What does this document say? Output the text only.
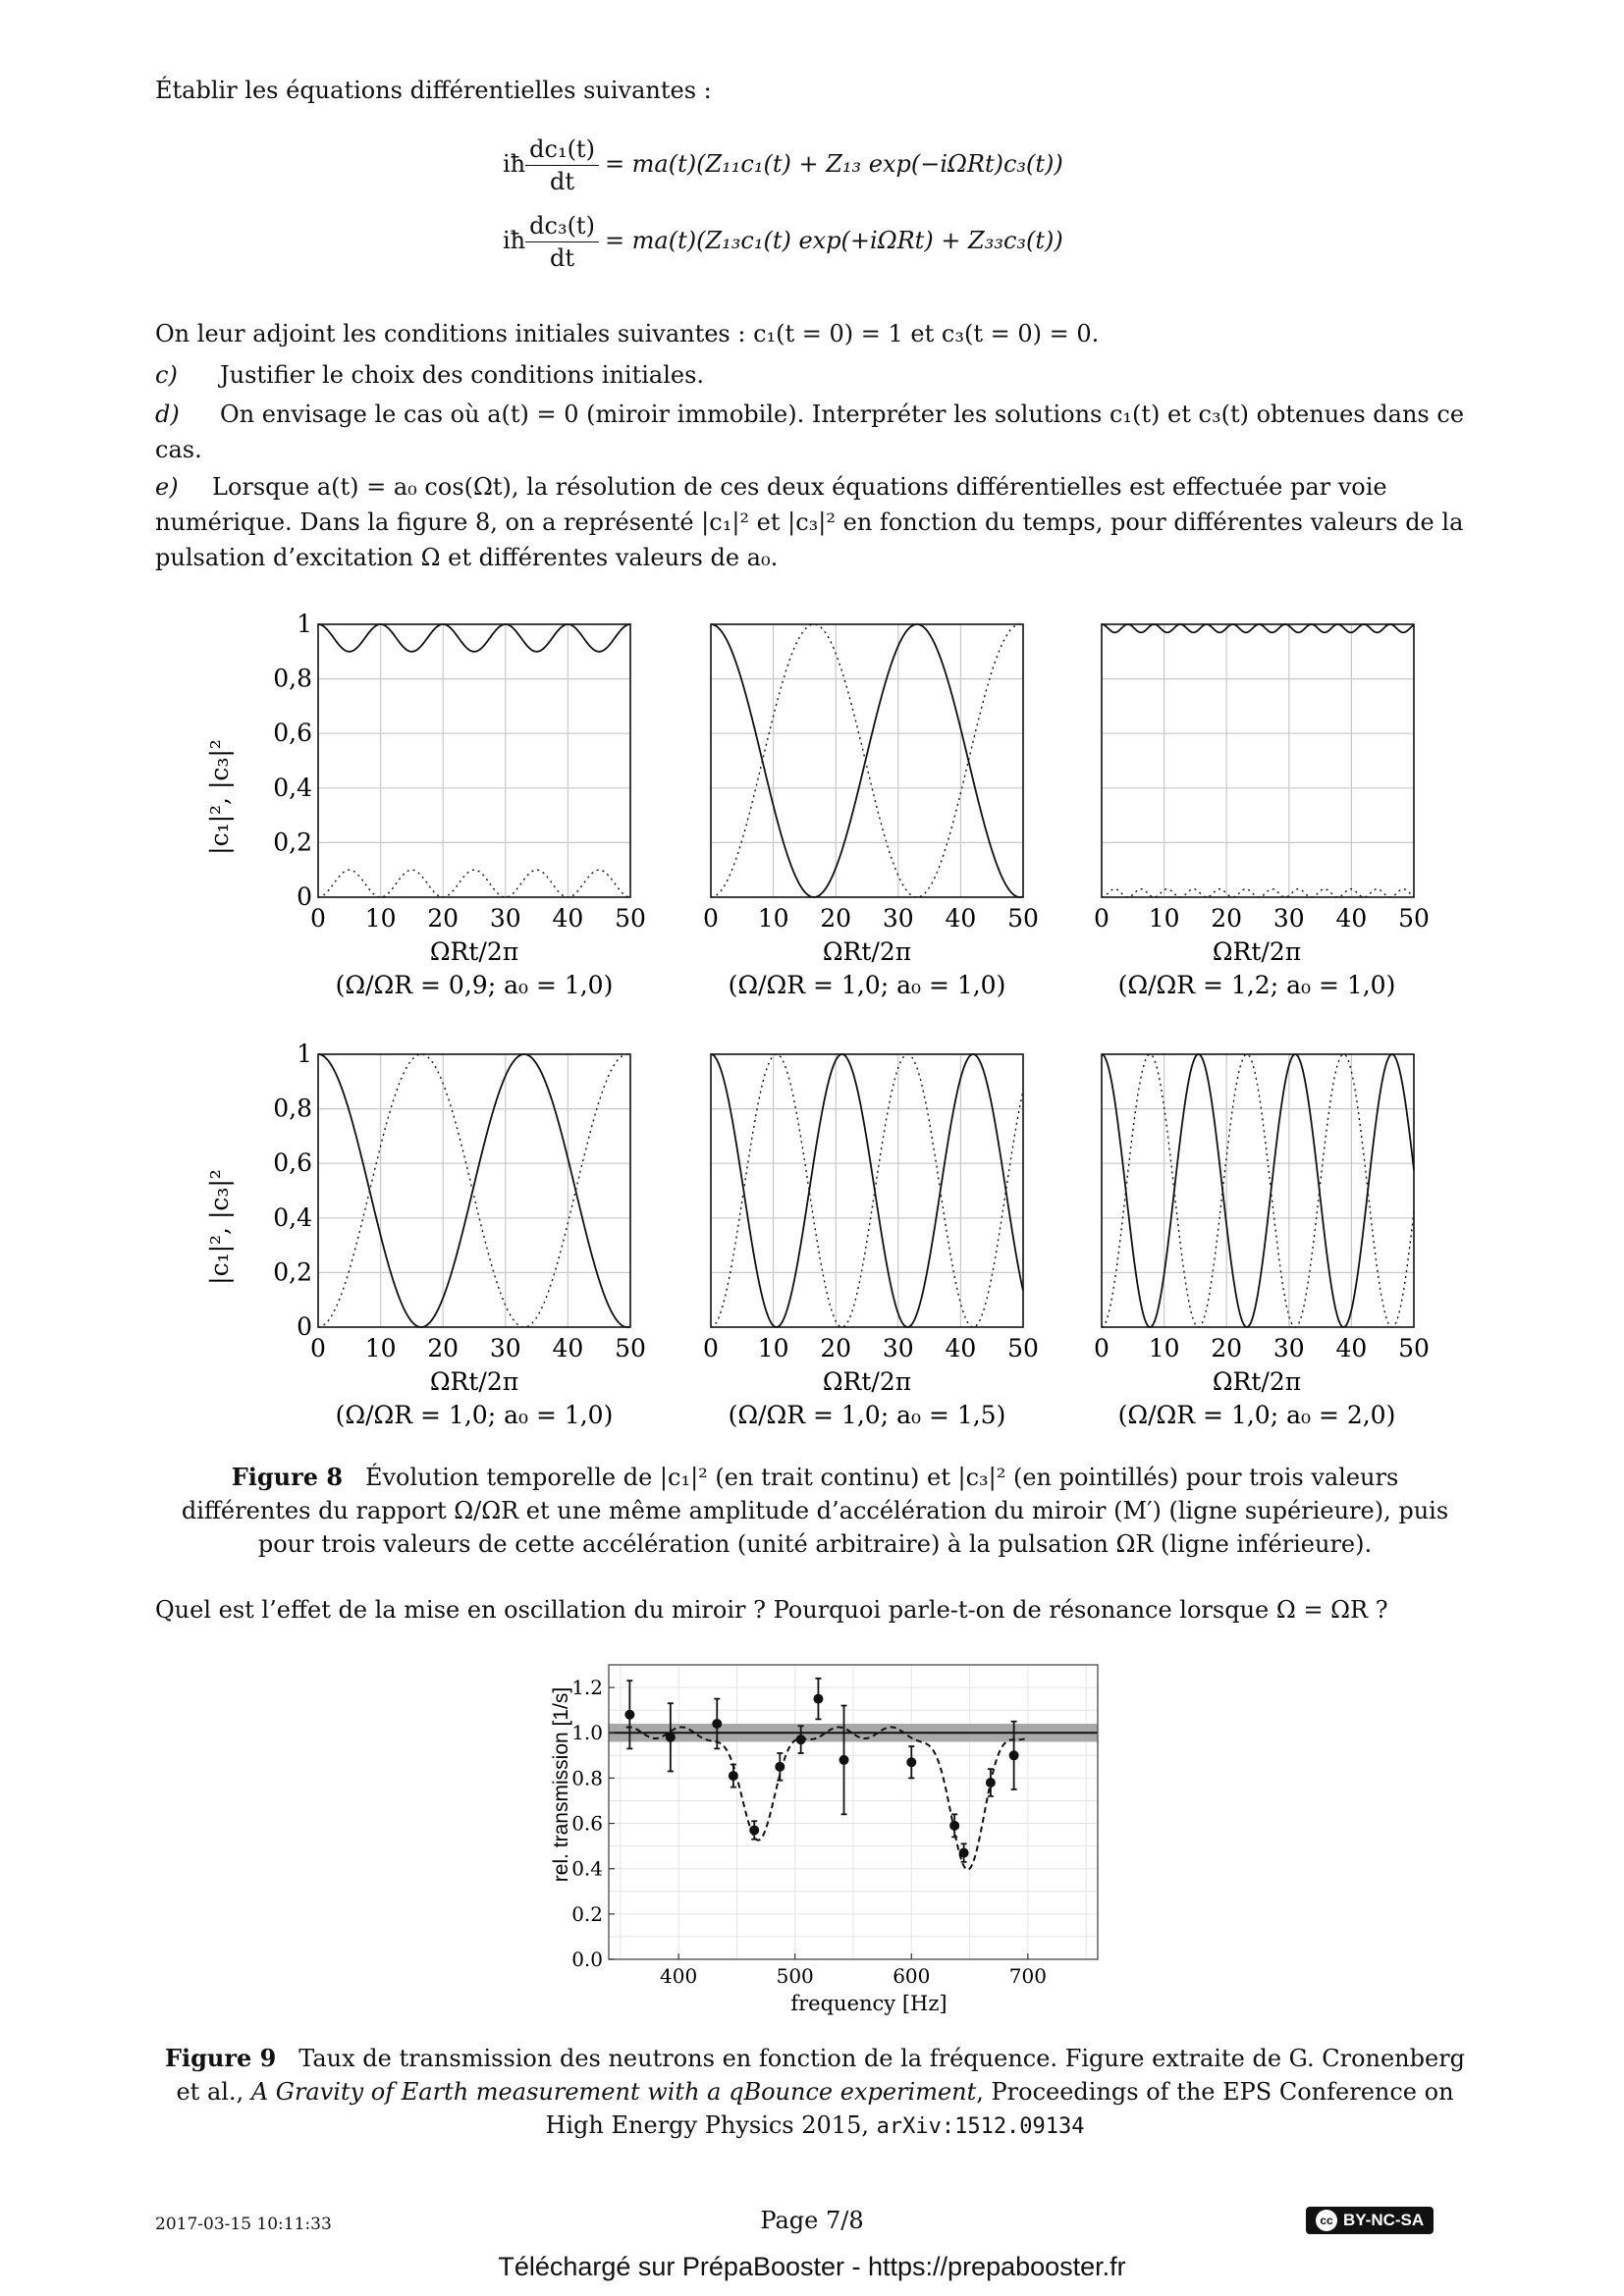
Établir les équations différentielles suivantes :
iħ $\frac{\text{dc₁(t)}}{dt} = ma(t)(Z_{11}c_1(t) + Z_{13}$ exp(−iΩRt)c₃(t))
iħ $\frac{\text{dc₃(t)}}{dt} = ma(t)(Z_{13}c_1(t) \exp(+i\Omega Rt) + Z_{33}c_3(t))$
On leur adjoint les conditions initiales suivantes : c₁(t = 0) = 1 et c₃(t = 0) = 0.
c) Justifier le choix des conditions initiales.
d) On envisage le cas où a(t) = 0 (miroir immobile). Interpréter les solutions c₁(t) et c₃(t) obtenues dans ce cas.
e) Lorsque a(t) = a₀ cos(Ωt), la résolution de ces deux équations différentielles est effectuée par voie numérique. Dans la figure 8, on a représenté |c₁|² et |c₃|² en fonction du temps, pour différentes valeurs de la pulsation d’excitation Ω et différentes valeurs de a₀.
0 10 20 30 40 50
0
0,2
0,4
0,6
0,8
1
0 10 20 30 40 50 0 10 20 30 40 50
0 10 20 30 40 50
0
0,2
0,4
0,6
0,8
1
0 10 20 30 40 50 0 10 20 30 40 50
|c₁|², |c₃|²
|c₁|², |c₃|²
ΩRt/2π
(Ω/ΩR = 0,9; a₀ = 1,0)
ΩRt/2π
(Ω/ΩR = 1,0; a₀ = 1,0)
ΩRt/2π
(Ω/ΩR = 1,2; a₀ = 1,0)
ΩRt/2π
(Ω/ΩR = 1,0; a₀ = 1,0)
ΩRt/2π
(Ω/ΩR = 1,0; a₀ = 1,5)
ΩRt/2π
(Ω/ΩR = 1,0; a₀ = 2,0)
Figure 8 Évolution temporelle de |c₁|² (en trait continu) et |c₃|² (en pointillés) pour trois valeurs différentes du rapport Ω/ΩR et une même amplitude d’accélération du miroir (M′) (ligne supérieure), puis pour trois valeurs de cette accélération (unité arbitraire) à la pulsation ΩR (ligne inférieure).
Quel est l’effet de la mise en oscillation du miroir ? Pourquoi parle-t-on de résonance lorsque Ω = ΩR ?
400	500	600	700
0.0
0.2
0.4
0.6
0.8
1.0
1.2
rel. transmission [1/s]
frequency [Hz]
Figure 9 Taux de transmission des neutrons en fonction de la fréquence. Figure extraite de G. Cronenberg et al., A Gravity of Earth measurement with a qBounce experiment, Proceedings of the EPS Conference on High Energy Physics 2015, arXiv:1512.09134
2017-03-15 10:11:33	Page 7/8	cc BY-NC-SA
Téléchargé sur PrépaBooster - https://prepabooster.fr
